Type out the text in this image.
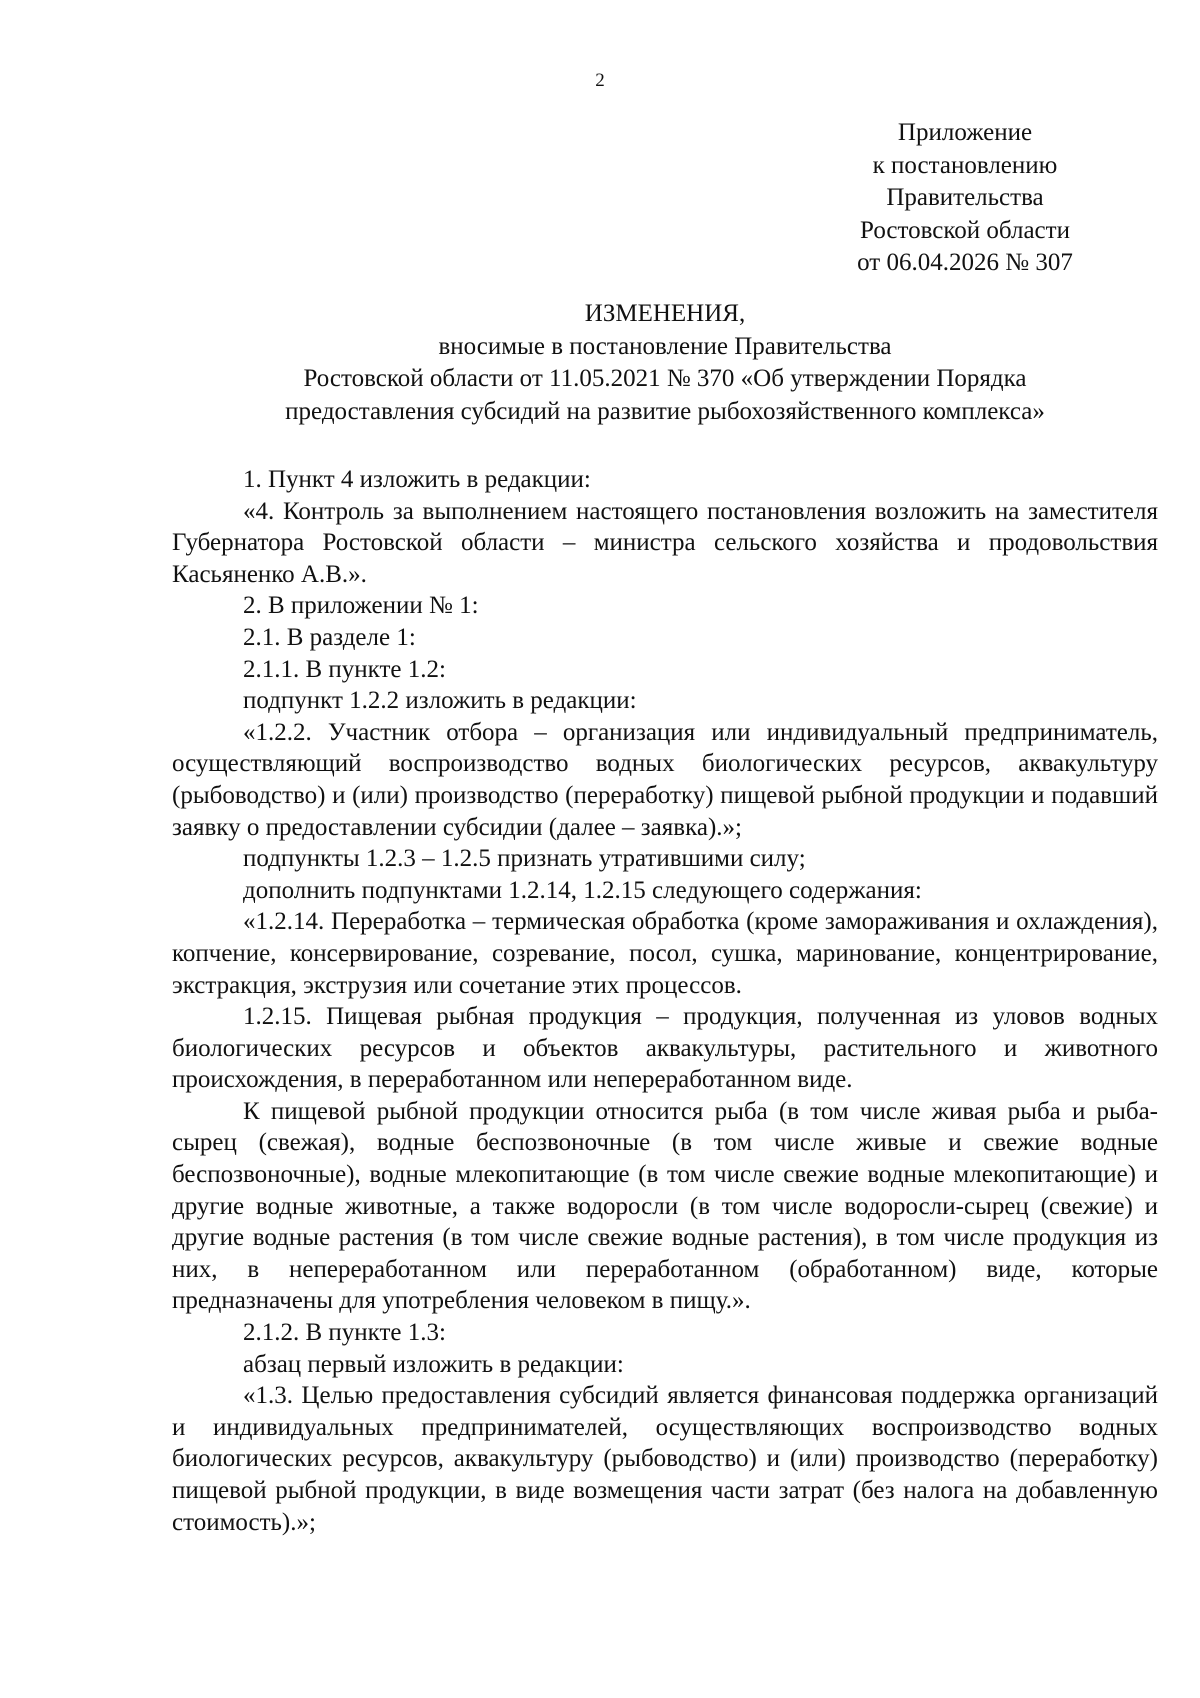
2
Приложение
к постановлению
Правительства
Ростовской области
от 06.04.2026 № 307
ИЗМЕНЕНИЯ,
вносимые в постановление Правительства
Ростовской области от 11.05.2021 № 370 «Об утверждении Порядка
предоставления субсидий на развитие рыбохозяйственного комплекса»

1. Пункт 4 изложить в редакции:

«4. Контроль за выполнением настоящего постановления возложить на заместителя Губернатора Ростовской области – министра сельского хозяйства и продовольствия Касьяненко А.В.».

2. В приложении № 1:

2.1. В разделе 1:

2.1.1. В пункте 1.2:

подпункт 1.2.2 изложить в редакции:

«1.2.2. Участник отбора – организация или индивидуальный предприниматель, осуществляющий воспроизводство водных биологических ресурсов, аквакультуру (рыбоводство) и (или) производство (переработку) пищевой рыбной продукции и подавший заявку о предоставлении субсидии (далее – заявка).»;

подпункты 1.2.3 – 1.2.5 признать утратившими силу;

дополнить подпунктами 1.2.14, 1.2.15 следующего содержания:

«1.2.14. Переработка – термическая обработка (кроме замораживания и охлаждения), копчение, консервирование, созревание, посол, сушка, маринование, концентрирование, экстракция, экструзия или сочетание этих процессов.

1.2.15. Пищевая рыбная продукция – продукция, полученная из уловов водных биологических ресурсов и объектов аквакультуры, растительного и животного происхождения, в переработанном или непереработанном виде.

К пищевой рыбной продукции относится рыба (в том числе живая рыба и рыба-сырец (свежая), водные беспозвоночные (в том числе живые и свежие водные беспозвоночные), водные млекопитающие (в том числе свежие водные млекопитающие) и другие водные животные, а также водоросли (в том числе водоросли-сырец (свежие) и другие водные растения (в том числе свежие водные растения), в том числе продукция из них, в непереработанном или переработанном (обработанном) виде, которые предназначены для употребления человеком в пищу.».

2.1.2. В пункте 1.3:

абзац первый изложить в редакции:

«1.3. Целью предоставления субсидий является финансовая поддержка организаций и индивидуальных предпринимателей, осуществляющих воспроизводство водных биологических ресурсов, аквакультуру (рыбоводство) и (или) производство (переработку) пищевой рыбной продукции, в виде возмещения части затрат (без налога на добавленную стоимость).»;
